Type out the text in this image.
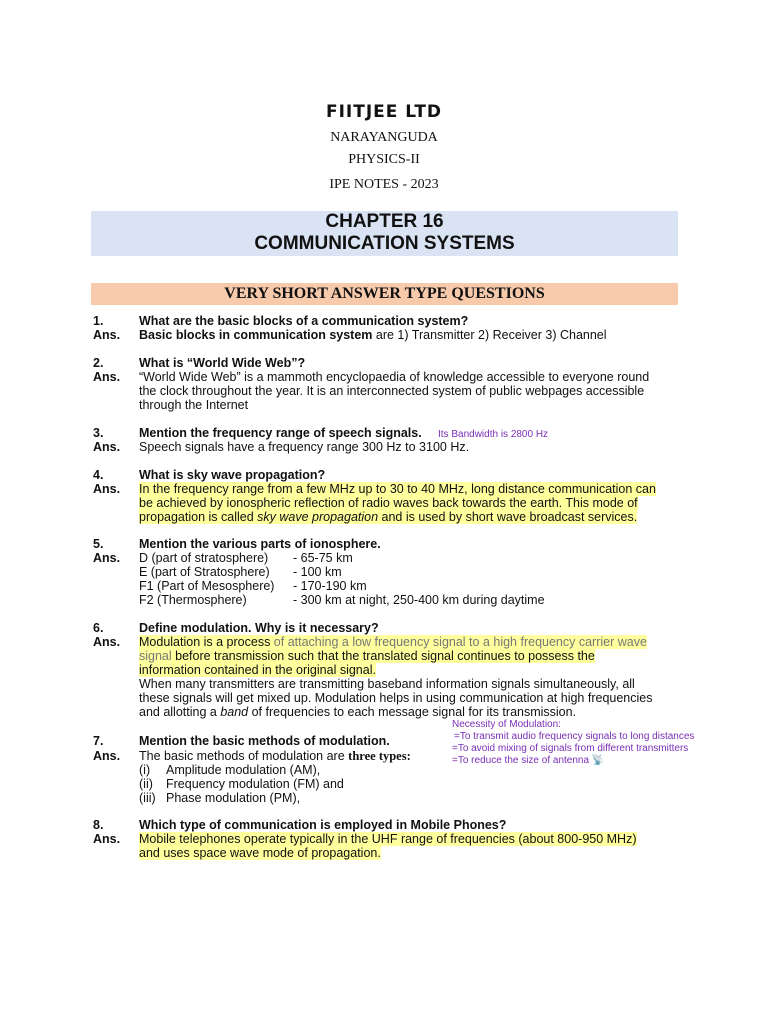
FIITJEE LTD
NARAYANGUDA
PHYSICS-II
IPE NOTES - 2023
CHAPTER 16
COMMUNICATION SYSTEMS
VERY SHORT ANSWER TYPE QUESTIONS
1.	What are the basic blocks of a communication system?
Ans. Basic blocks in communication system are 1) Transmitter 2) Receiver 3) Channel
2.	What is “World Wide Web”?
Ans. “World Wide Web” is a mammoth encyclopaedia of knowledge accessible to everyone round
the clock throughout the year. It is an interconnected system of public webpages accessible
through the Internet
3.	Mention the frequency range of speech signals. Its Bandwidth is 2800 Hz
Ans. Speech signals have a frequency range 300 Hz to 3100 Hz.
4.	What is sky wave propagation?
Ans. In the frequency range from a few MHz up to 30 to 40 MHz, long distance communication can
be achieved by ionospheric reflection of radio waves back towards the earth. This mode of
propagation is called sky wave propagation and is used by short wave broadcast services.
5.	Mention the various parts of ionosphere.
Ans. D (part of stratosphere) - 65-75 km
E (part of Stratosphere) - 100 km
F1 (Part of Mesosphere) - 170-190 km
F2 (Thermosphere)	- 300 km at night, 250-400 km during daytime
6.	Define modulation. Why is it necessary?
Ans. Modulation is a process of attaching a low frequency signal to a high frequency carrier wave
signal before transmission such that the translated signal continues to possess the
information contained in the original signal.
When many transmitters are transmitting baseband information signals simultaneously, all
these signals will get mixed up. Modulation helps in using communication at high frequencies
and allotting a band of frequencies to each message signal for its transmission.
Necessity of Modulation:
=To transmit audio frequency signals to long distances
=To avoid mixing of signals from different transmitters
=To reduce the size of antenna 📡
7.	Mention the basic methods of modulation.
Ans. The basic methods of modulation are three types:
(i) Amplitude modulation (AM),
(ii) Frequency modulation (FM) and
(iii) Phase modulation (PM),
8.	Which type of communication is employed in Mobile Phones?
Ans. Mobile telephones operate typically in the UHF range of frequencies (about 800-950 MHz)
and uses space wave mode of propagation.
